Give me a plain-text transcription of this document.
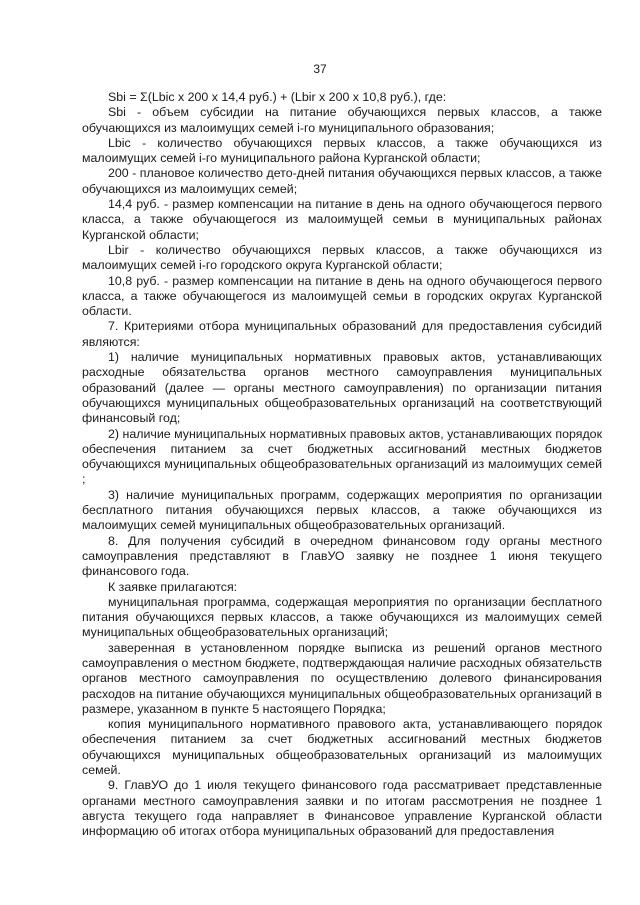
37

Sbi = Σ(Lbic x 200 x 14,4 руб.) + (Lbir x 200 x 10,8 руб.), где:

Sbi - объем субсидии на питание обучающихся первых классов, а также обучающихся из малоимущих семей i-го муниципального образования;

Lbic - количество обучающихся первых классов, а также обучающихся из малоимущих семей i-го муниципального района Курганской области;

200 - плановое количество дето-дней питания обучающихся первых классов, а также обучающихся из малоимущих семей;

14,4 руб. - размер компенсации на питание в день на одного обучающегося первого класса, а также обучающегося из малоимущей семьи в муниципальных районах Курганской области;

Lbir - количество обучающихся первых классов, а также обучающихся из малоимущих семей i-го городского округа Курганской области;

10,8 руб. - размер компенсации на питание в день на одного обучающегося первого класса, а также обучающегося из малоимущей семьи в городских округах Курганской области.

7. Критериями отбора муниципальных образований для предоставления субсидий являются:

1) наличие муниципальных нормативных правовых актов, устанавливающих расходные обязательства органов местного самоуправления муниципальных образований (далее — органы местного самоуправления) по организации питания обучающихся муниципальных общеобразовательных организаций на соответствующий финансовый год;

2) наличие муниципальных нормативных правовых актов, устанавливающих порядок обеспечения питанием за счет бюджетных ассигнований местных бюджетов обучающихся муниципальных общеобразовательных организаций из малоимущих семей ;

3) наличие муниципальных программ, содержащих мероприятия по организации бесплатного питания обучающихся первых классов, а также обучающихся из малоимущих семей муниципальных общеобразовательных организаций.

8. Для получения субсидий в очередном финансовом году органы местного самоуправления представляют в ГлавУО заявку не позднее 1 июня текущего финансового года.

К заявке прилагаются:

муниципальная программа, содержащая мероприятия по организации бесплатного питания обучающихся первых классов, а также обучающихся из малоимущих семей муниципальных общеобразовательных организаций;

заверенная в установленном порядке выписка из решений органов местного самоуправления о местном бюджете, подтверждающая наличие расходных обязательств органов местного самоуправления по осуществлению долевого финансирования расходов на питание обучающихся муниципальных общеобразовательных организаций в размере, указанном в пункте 5 настоящего Порядка;

копия муниципального нормативного правового акта, устанавливающего порядок обеспечения питанием за счет бюджетных ассигнований местных бюджетов обучающихся муниципальных общеобразовательных организаций из малоимущих семей.

9. ГлавУО до 1 июля текущего финансового года рассматривает представленные органами местного самоуправления заявки и по итогам рассмотрения не позднее 1 августа текущего года направляет в Финансовое управление Курганской области информацию об итогах отбора муниципальных образований для предоставления
